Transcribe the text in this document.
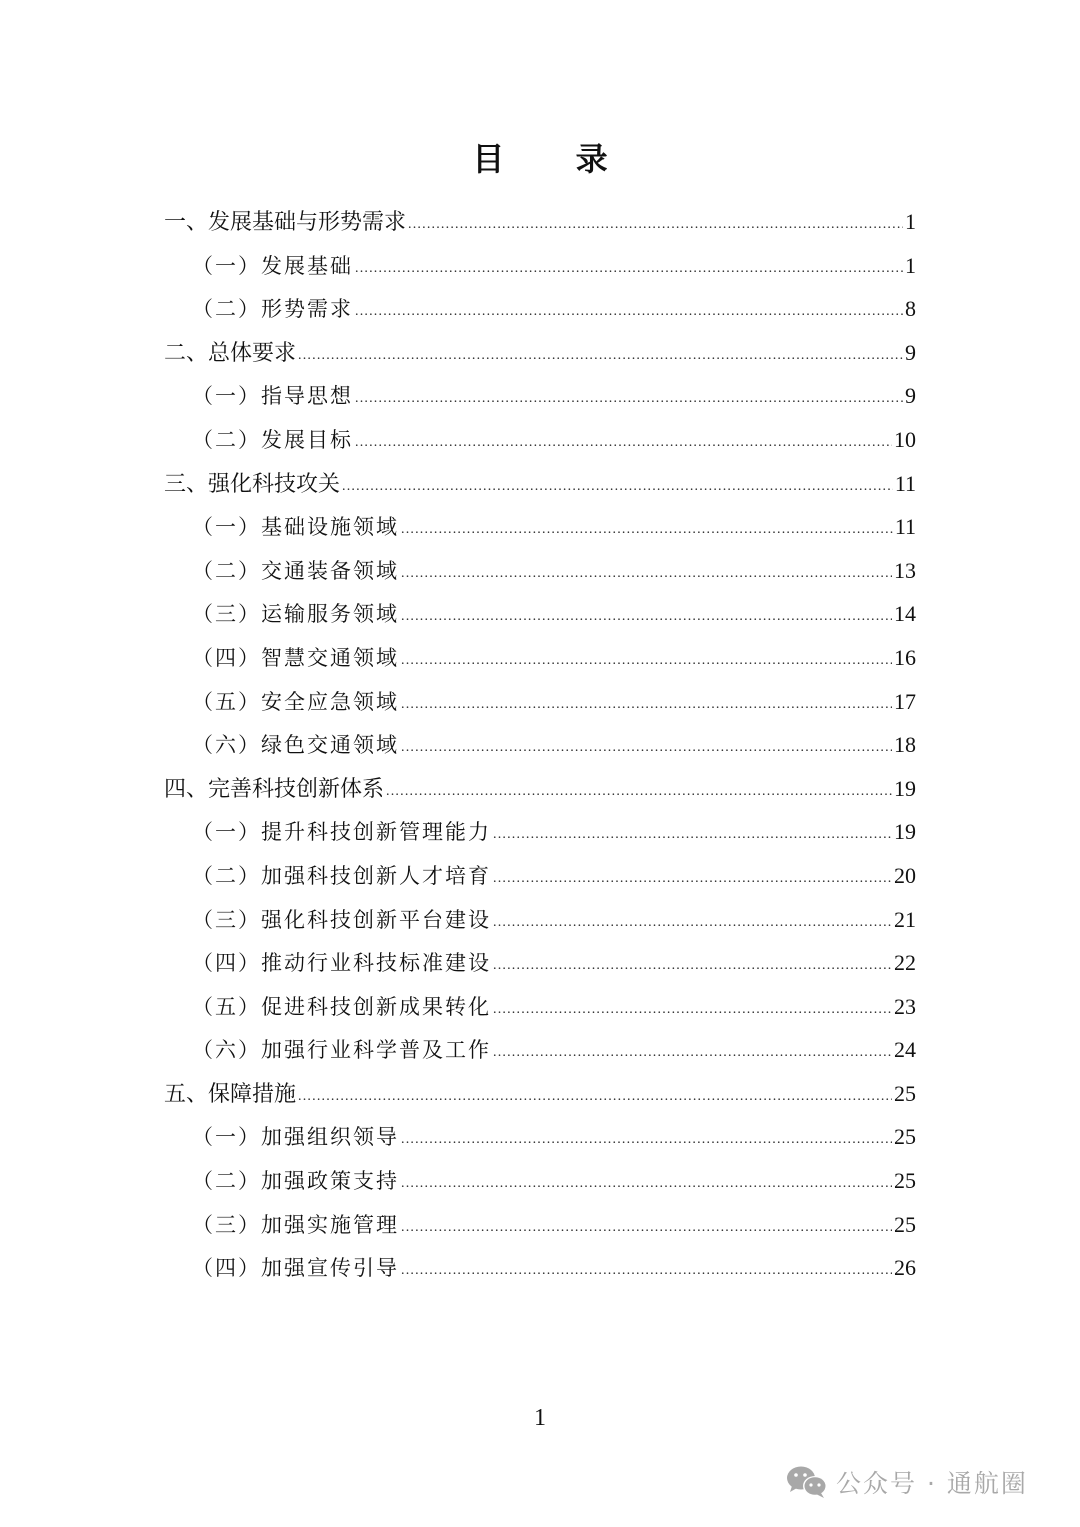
目 录
一、发展基础与形势需求 .....	1
（一）发展基础 .....	1
（二）形势需求 .....	8
二、总体要求 .....	9
（一）指导思想 .....	9
（二）发展目标 .....	10
三、强化科技攻关 .....	11
（一）基础设施领域 .....	11
（二）交通装备领域 .....	13
（三）运输服务领域 .....	14
（四）智慧交通领域 .....	16
（五）安全应急领域 .....	17
（六）绿色交通领域 .....	18
四、完善科技创新体系 .....	19
（一）提升科技创新管理能力 .....	19
（二）加强科技创新人才培育 .....	20
（三）强化科技创新平台建设 .....	21
（四）推动行业科技标准建设 .....	22
（五）促进科技创新成果转化 .....	23
（六）加强行业科学普及工作 .....	24
五、保障措施 .....	25
（一）加强组织领导 .....	25
（二）加强政策支持 .....	25
（三）加强实施管理 .....	25
（四）加强宣传引导 .....	26
1
公众号 · 通航圈
